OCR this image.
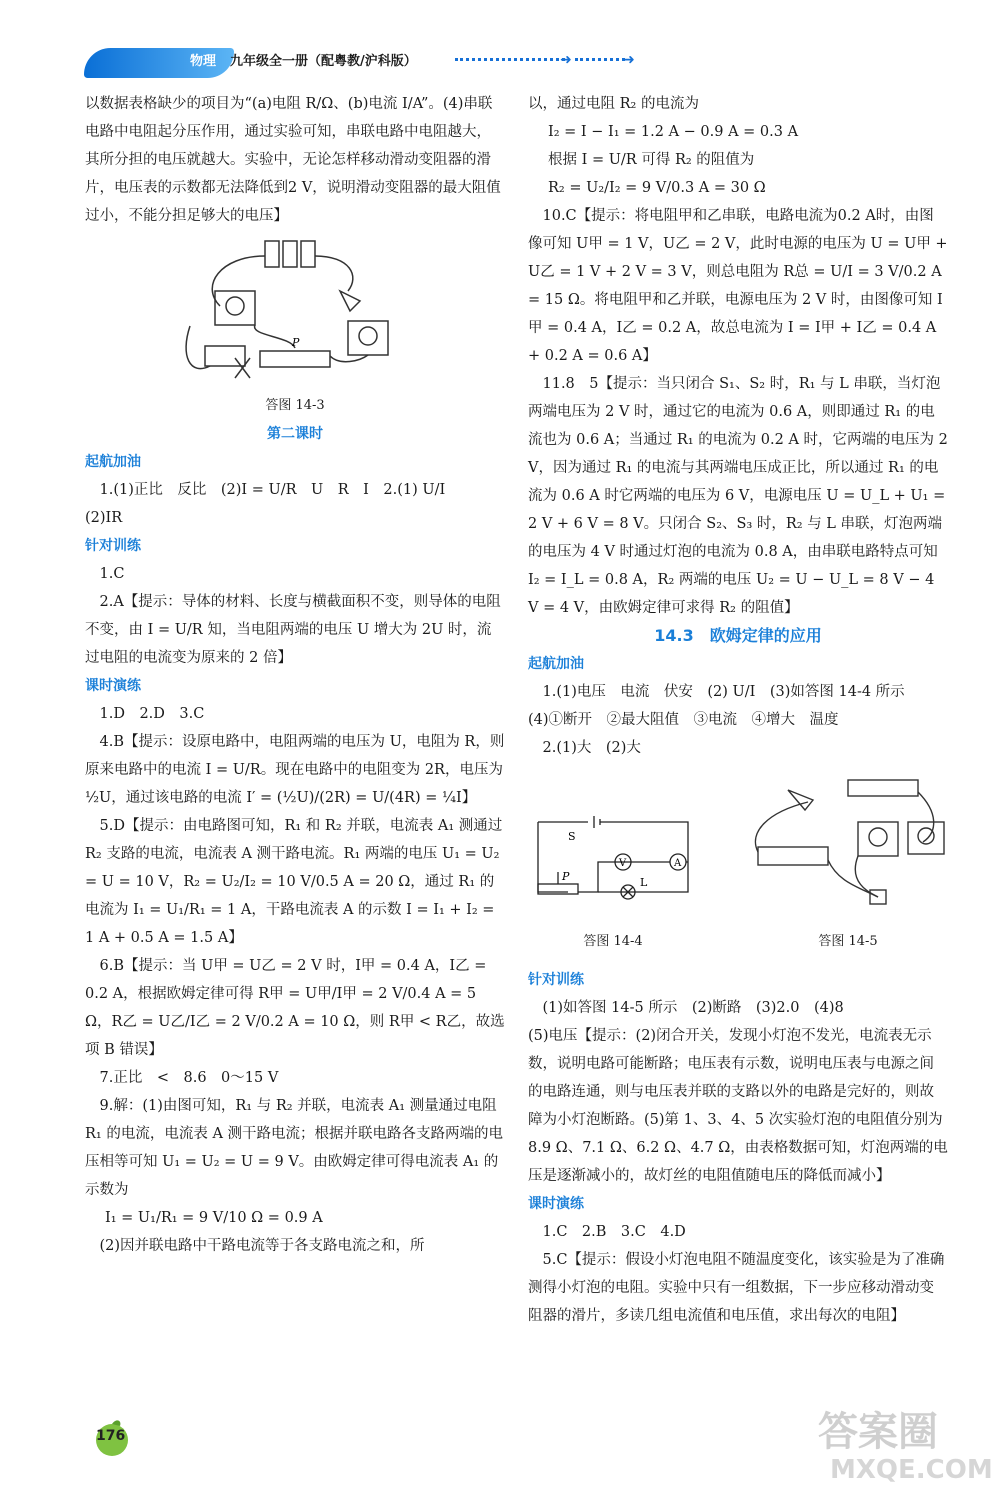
物理 九年级全一册（配粤教/沪科版）	➜	➜

以数据表格缺少的项目为“(a)电阻 R/Ω、(b)电流 I/A”。(4)串联电路中电阻起分压作用，通过实验可知，串联电路中电阻越大，其所分担的电压就越大。实验中，无论怎样移动滑动变阻器的滑片，电压表的示数都无法降低到2 V，说明滑动变阻器的最大阻值过小，不能分担足够大的电压】

P

答图 14-3

第二课时

起航加油

1.(1)正比　反比　(2)I = U/R　U　R　I　2.(1) U/I

(2)IR

针对训练

1.C

2.A【提示：导体的材料、长度与横截面积不变，则导体的电阻不变，由 I = U/R 知，当电阻两端的电压 U 增大为 2U 时，流过电阻的电流变为原来的 2 倍】

课时演练

1.D　2.D　3.C

4.B【提示：设原电路中，电阻两端的电压为 U，电阻为 R，则原来电路中的电流 I = U/R。现在电路中的电阻变为 2R，电压为 ½U，通过该电路的电流 I′ = (½U)/(2R) = U/(4R) = ¼I】

5.D【提示：由电路图可知，R₁ 和 R₂ 并联，电流表 A₁ 测通过 R₂ 支路的电流，电流表 A 测干路电流。R₁ 两端的电压 U₁ = U₂ = U = 10 V，R₂ = U₂/I₂ = 10 V/0.5 A = 20 Ω，通过 R₁ 的电流为 I₁ = U₁/R₁ = 1 A，干路电流表 A 的示数 I = I₁ + I₂ = 1 A + 0.5 A = 1.5 A】

6.B【提示：当 U甲 = U乙 = 2 V 时，I甲 = 0.4 A，I乙 = 0.2 A，根据欧姆定律可得 R甲 = U甲/I甲 = 2 V/0.4 A = 5 Ω，R乙 = U乙/I乙 = 2 V/0.2 A = 10 Ω，则 R甲 < R乙，故选项 B 错误】

7.正比　<　8.6　0～15 V

9.解：(1)由图可知，R₁ 与 R₂ 并联，电流表 A₁ 测量通过电阻 R₁ 的电流，电流表 A 测干路电流；根据并联电路各支路两端的电压相等可知 U₁ = U₂ = U = 9 V。由欧姆定律可得电流表 A₁ 的示数为

I₁ = U₁/R₁ = 9 V/10 Ω = 0.9 A

(2)因并联电路中干路电流等于各支路电流之和，所

以，通过电阻 R₂ 的电流为

I₂ = I − I₁ = 1.2 A − 0.9 A = 0.3 A

根据 I = U/R 可得 R₂ 的阻值为

R₂ = U₂/I₂ = 9 V/0.3 A = 30 Ω

10.C【提示：将电阻甲和乙串联，电路电流为0.2 A时，由图像可知 U甲 = 1 V，U乙 = 2 V，此时电源的电压为 U = U甲 + U乙 = 1 V + 2 V = 3 V，则总电阻为 R总 = U/I = 3 V/0.2 A = 15 Ω。将电阻甲和乙并联，电源电压为 2 V 时，由图像可知 I甲 = 0.4 A，I乙 = 0.2 A，故总电流为 I = I甲 + I乙 = 0.4 A + 0.2 A = 0.6 A】

11.8　5【提示：当只闭合 S₁、S₂ 时，R₁ 与 L 串联，当灯泡两端电压为 2 V 时，通过它的电流为 0.6 A，则即通过 R₁ 的电流也为 0.6 A；当通过 R₁ 的电流为 0.2 A 时，它两端的电压为 2 V，因为通过 R₁ 的电流与其两端电压成正比，所以通过 R₁ 的电流为 0.6 A 时它两端的电压为 6 V，电源电压 U = U_L + U₁ = 2 V + 6 V = 8 V。只闭合 S₂、S₃ 时，R₂ 与 L 串联，灯泡两端的电压为 4 V 时通过灯泡的电流为 0.8 A，由串联电路特点可知 I₂ = I_L = 0.8 A，R₂ 两端的电压 U₂ = U − U_L = 8 V − 4 V = 4 V，由欧姆定律可求得 R₂ 的阻值】

14.3　欧姆定律的应用

起航加油

1.(1)电压　电流　伏安　(2) U/I　(3)如答图 14-4 所示　(4)①断开　②最大阻值　③电流　④增大　温度

2.(1)大　(2)大

S
P	L
V	A
答图 14-4	答图 14-5

针对训练

(1)如答图 14-5 所示　(2)断路　(3)2.0　(4)8

(5)电压【提示：(2)闭合开关，发现小灯泡不发光，电流表无示数，说明电路可能断路；电压表有示数，说明电压表与电源之间的电路连通，则与电压表并联的支路以外的电路是完好的，则故障为小灯泡断路。(5)第 1、3、4、5 次实验灯泡的电阻值分别为 8.9 Ω、7.1 Ω、6.2 Ω、4.7 Ω，由表格数据可知，灯泡两端的电压是逐渐减小的，故灯丝的电阻值随电压的降低而减小】

课时演练

1.C　2.B　3.C　4.D

5.C【提示：假设小灯泡电阻不随温度变化，该实验是为了准确测得小灯泡的电阻。实验中只有一组数据，下一步应移动滑动变阻器的滑片，多读几组电流值和电压值，求出每次的电阻】

176	答案圈
MXQE.COM
